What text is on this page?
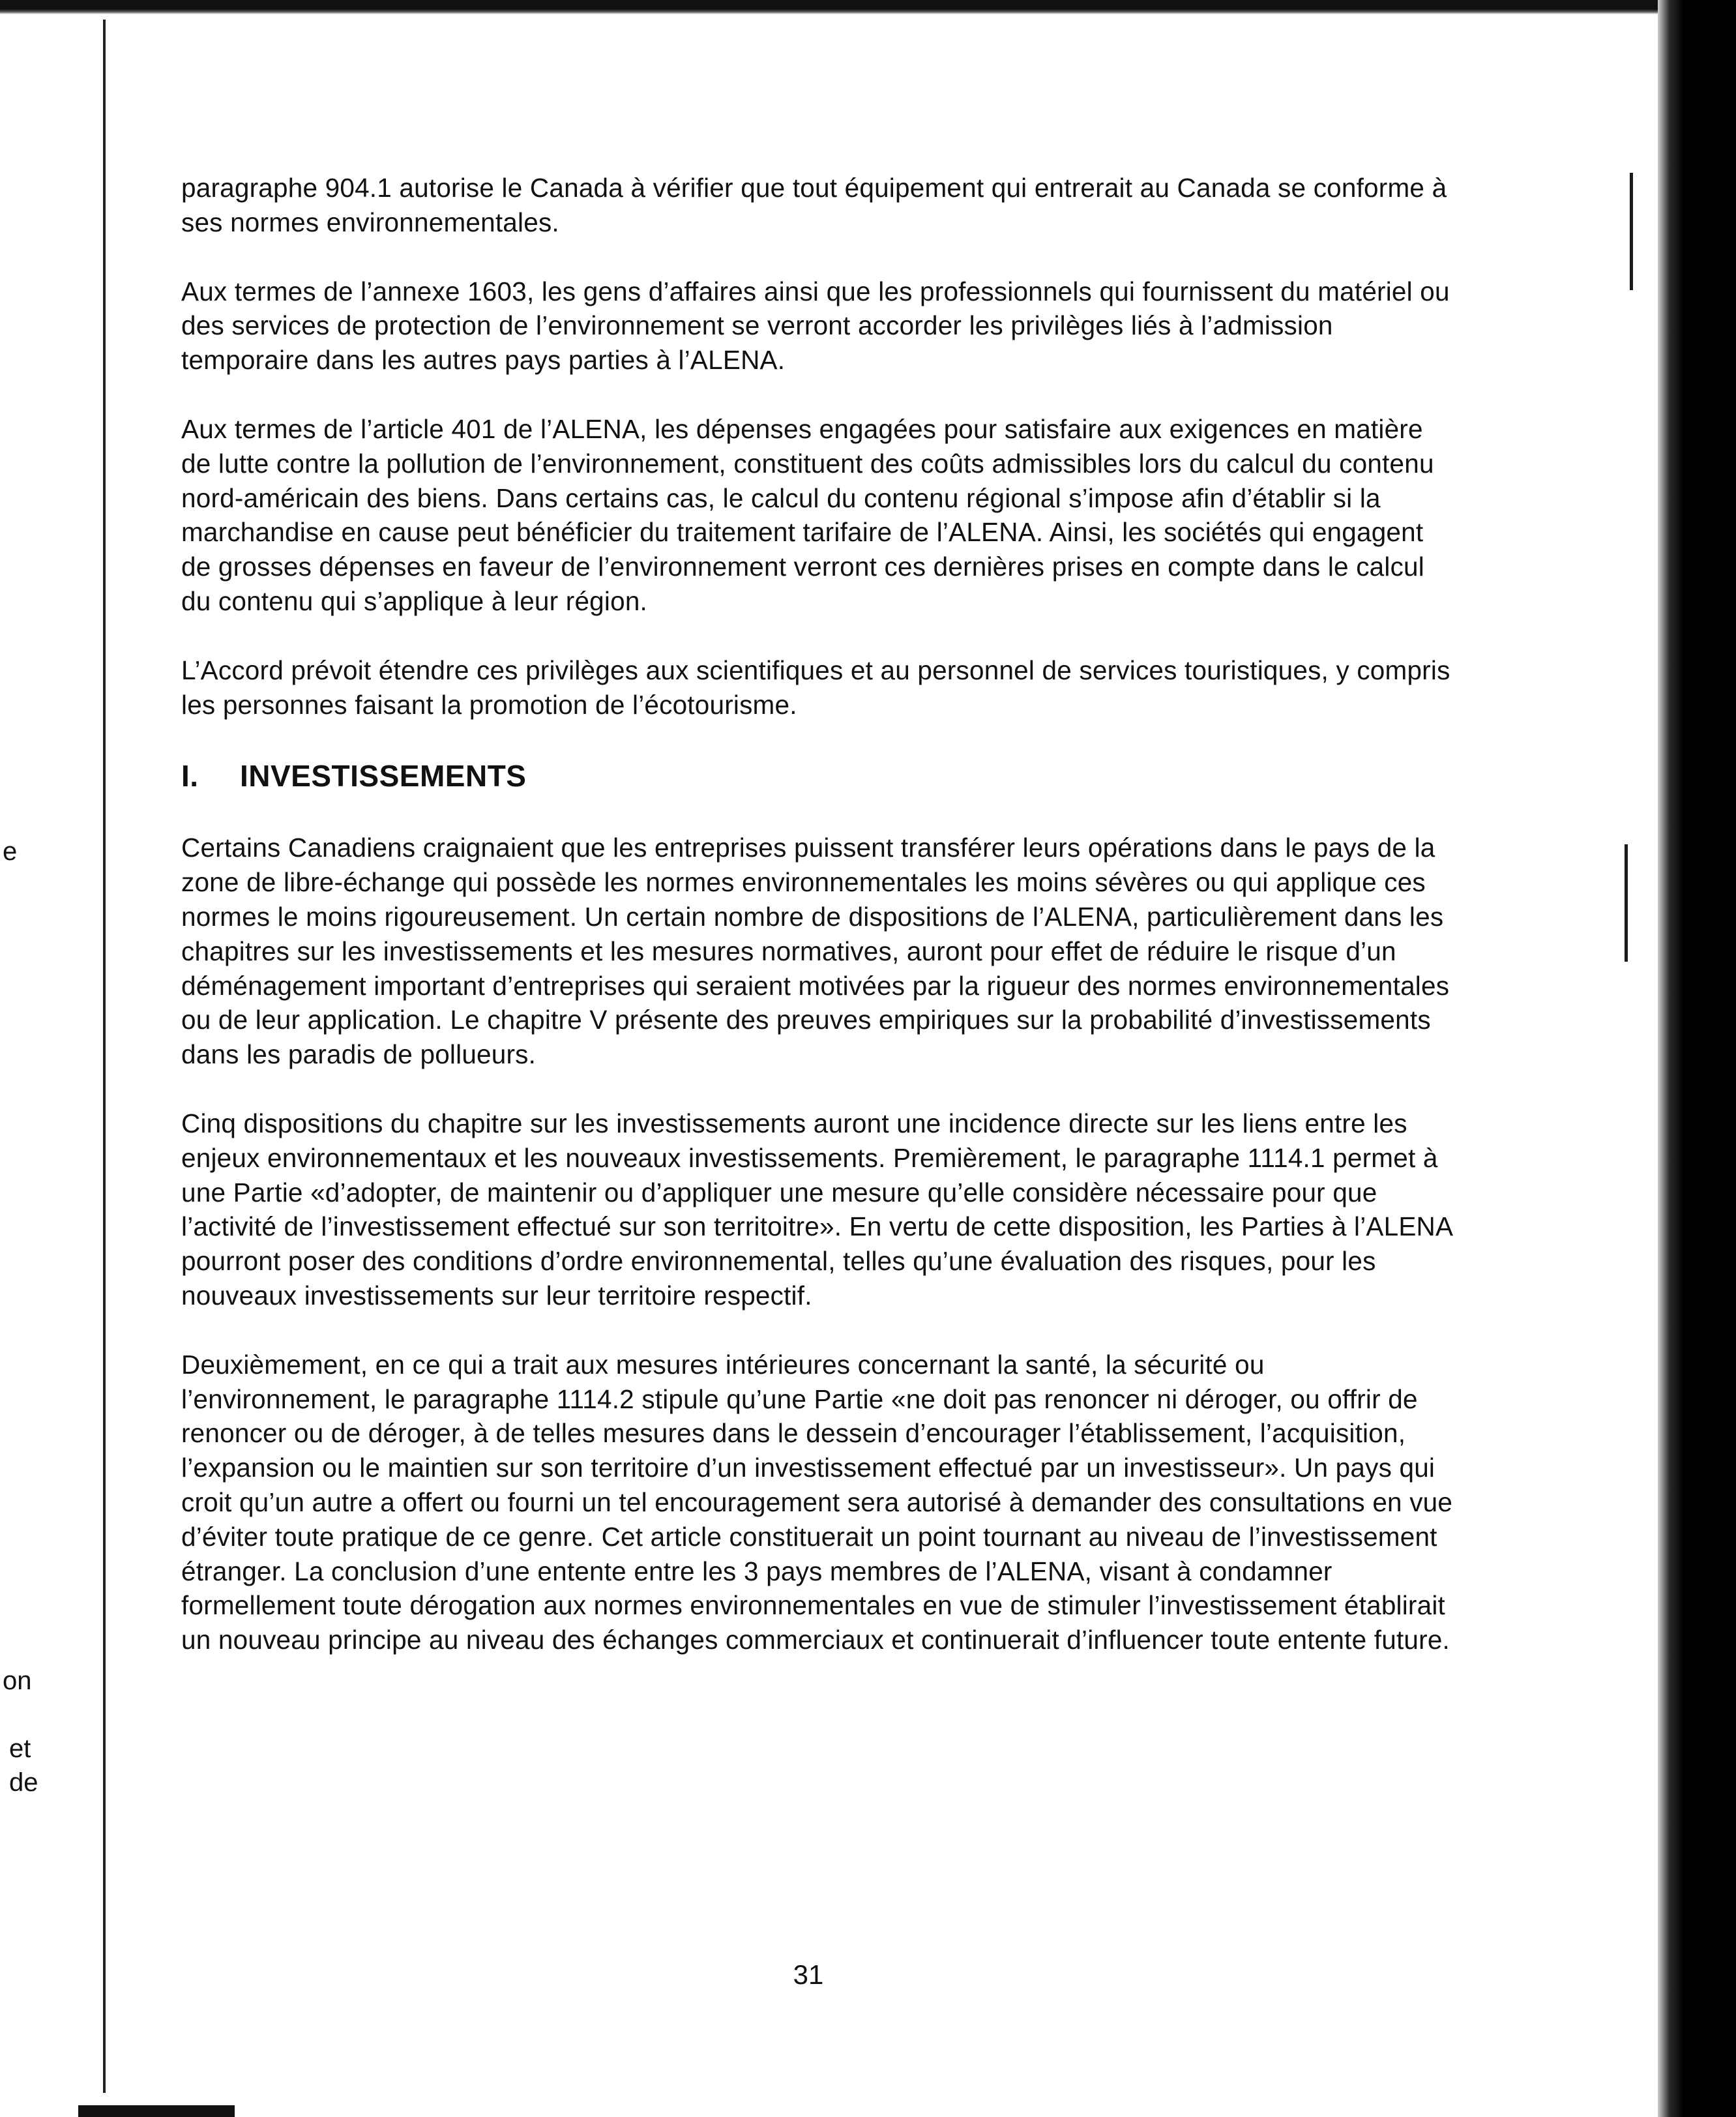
e
on
et
de

paragraphe 904.1 autorise le Canada à vérifier que tout équipement qui entrerait au Canada se conforme à ses normes environnementales.

Aux termes de l’annexe 1603, les gens d’affaires ainsi que les professionnels qui fournissent du matériel ou des services de protection de l’environnement se verront accorder les privilèges liés à l’admission temporaire dans les autres pays parties à l’ALENA.

Aux termes de l’article 401 de l’ALENA, les dépenses engagées pour satisfaire aux exigences en matière de lutte contre la pollution de l’environnement, constituent des coûts admissibles lors du calcul du contenu nord-américain des biens. Dans certains cas, le calcul du contenu régional s’impose afin d’établir si la marchandise en cause peut bénéficier du traitement tarifaire de l’ALENA. Ainsi, les sociétés qui engagent de grosses dépenses en faveur de l’environnement verront ces dernières prises en compte dans le calcul du contenu qui s’applique à leur région.

L’Accord prévoit étendre ces privilèges aux scientifiques et au personnel de services touristiques, y compris les personnes faisant la promotion de l’écotourisme.

I. INVESTISSEMENTS

Certains Canadiens craignaient que les entreprises puissent transférer leurs opérations dans le pays de la zone de libre-échange qui possède les normes environnementales les moins sévères ou qui applique ces normes le moins rigoureusement. Un certain nombre de dispositions de l’ALENA, particulièrement dans les chapitres sur les investissements et les mesures normatives, auront pour effet de réduire le risque d’un déménagement important d’entreprises qui seraient motivées par la rigueur des normes environnementales ou de leur application. Le chapitre V présente des preuves empiriques sur la probabilité d’investissements dans les paradis de pollueurs.

Cinq dispositions du chapitre sur les investissements auront une incidence directe sur les liens entre les enjeux environnementaux et les nouveaux investissements. Premièrement, le paragraphe 1114.1 permet à une Partie «d’adopter, de maintenir ou d’appliquer une mesure qu’elle considère nécessaire pour que l’activité de l’investissement effectué sur son territoitre». En vertu de cette disposition, les Parties à l’ALENA pourront poser des conditions d’ordre environnemental, telles qu’une évaluation des risques, pour les nouveaux investissements sur leur territoire respectif.

Deuxièmement, en ce qui a trait aux mesures intérieures concernant la santé, la sécurité ou l’environnement, le paragraphe 1114.2 stipule qu’une Partie «ne doit pas renoncer ni déroger, ou offrir de renoncer ou de déroger, à de telles mesures dans le dessein d’encourager l’établissement, l’acquisition, l’expansion ou le maintien sur son territoire d’un investissement effectué par un investisseur». Un pays qui croit qu’un autre a offert ou fourni un tel encouragement sera autorisé à demander des consultations en vue d’éviter toute pratique de ce genre. Cet article constituerait un point tournant au niveau de l’investissement étranger. La conclusion d’une entente entre les 3 pays membres de l’ALENA, visant à condamner formellement toute dérogation aux normes environnementales en vue de stimuler l’investissement établirait un nouveau principe au niveau des échanges commerciaux et continuerait d’influencer toute entente future.

31
